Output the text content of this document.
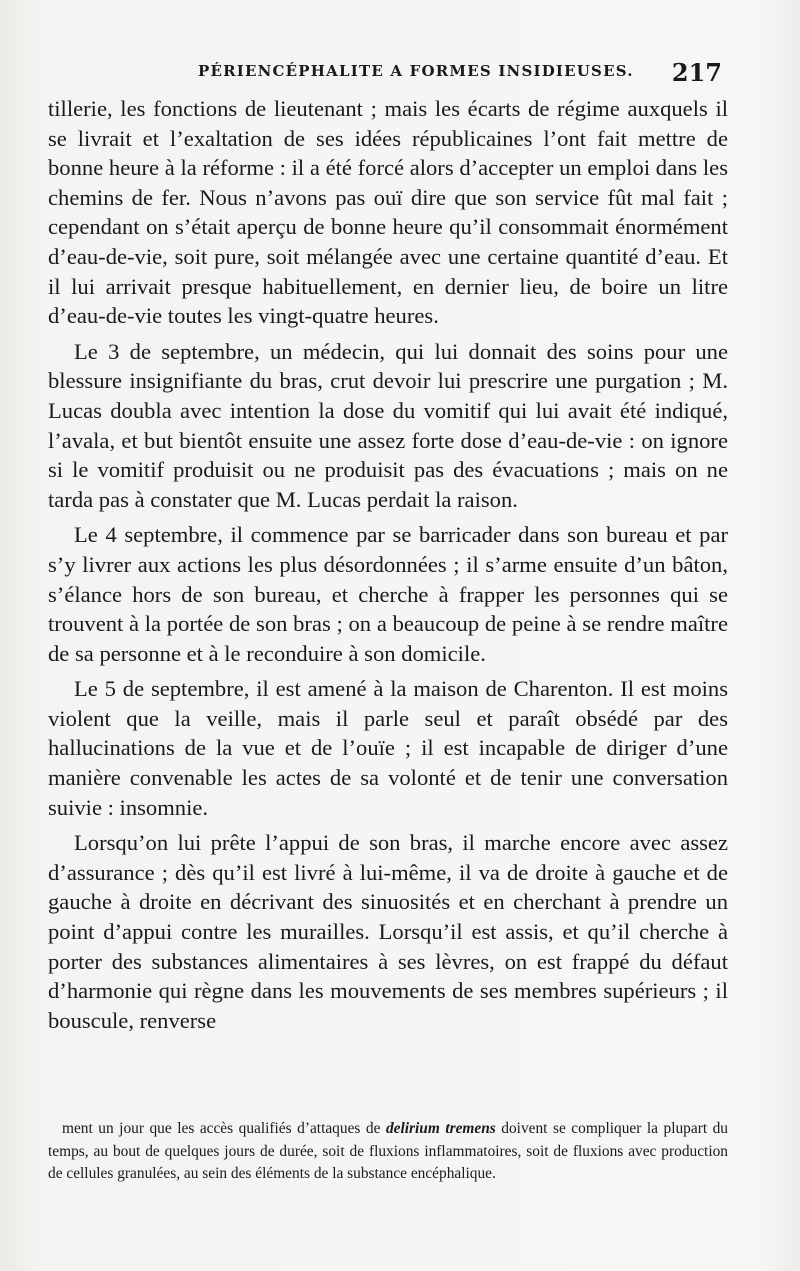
PÉRIENCÉPHALITE A FORMES INSIDIEUSES. 217

tillerie, les fonctions de lieutenant ; mais les écarts de régime auxquels il se livrait et l’exaltation de ses idées républicaines l’ont fait mettre de bonne heure à la réforme : il a été forcé alors d’accepter un emploi dans les chemins de fer. Nous n’avons pas ouï dire que son service fût mal fait ; cependant on s’était aperçu de bonne heure qu’il consommait énormément d’eau-de-vie, soit pure, soit mélangée avec une certaine quantité d’eau. Et il lui arrivait presque habituellement, en dernier lieu, de boire un litre d’eau-de-vie toutes les vingt-quatre heures.

Le 3 de septembre, un médecin, qui lui donnait des soins pour une blessure insignifiante du bras, crut devoir lui prescrire une purgation ; M. Lucas doubla avec intention la dose du vomitif qui lui avait été indiqué, l’avala, et but bientôt ensuite une assez forte dose d’eau-de-vie : on ignore si le vomitif produisit ou ne produisit pas des évacuations ; mais on ne tarda pas à constater que M. Lucas perdait la raison.

Le 4 septembre, il commence par se barricader dans son bureau et par s’y livrer aux actions les plus désordonnées ; il s’arme ensuite d’un bâton, s’élance hors de son bureau, et cherche à frapper les personnes qui se trouvent à la portée de son bras ; on a beaucoup de peine à se rendre maître de sa personne et à le reconduire à son domicile.

Le 5 de septembre, il est amené à la maison de Charenton. Il est moins violent que la veille, mais il parle seul et paraît obsédé par des hallucinations de la vue et de l’ouïe ; il est incapable de diriger d’une manière convenable les actes de sa volonté et de tenir une conversation suivie : insomnie.

Lorsqu’on lui prête l’appui de son bras, il marche encore avec assez d’assurance ; dès qu’il est livré à lui-même, il va de droite à gauche et de gauche à droite en décrivant des sinuosités et en cherchant à prendre un point d’appui contre les murailles. Lorsqu’il est assis, et qu’il cherche à porter des substances alimentaires à ses lèvres, on est frappé du défaut d’harmonie qui règne dans les mouvements de ses membres supérieurs ; il bouscule, renverse

ment un jour que les accès qualifiés d’attaques de delirium tremens doivent se compliquer la plupart du temps, au bout de quelques jours de durée, soit de fluxions inflammatoires, soit de fluxions avec production de cellules granulées, au sein des éléments de la substance encéphalique.
